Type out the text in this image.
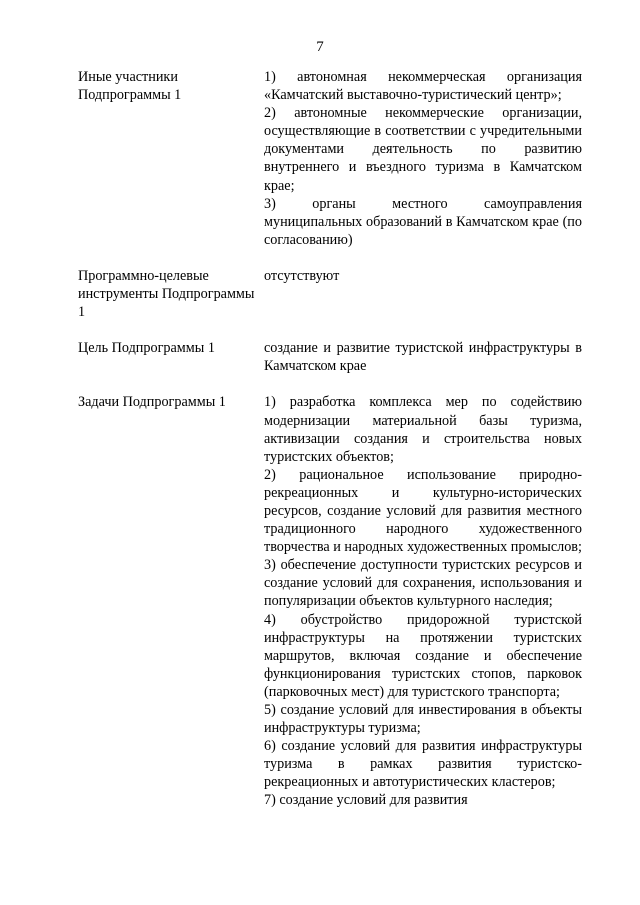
7
Иные участники Подпрограммы 1
1) автономная некоммерческая организация «Камчатский выставочно-туристический центр»;
2) автономные некоммерческие организации, осуществляющие в соответствии с учредительными документами деятельность по развитию внутреннего и въездного туризма в Камчатском крае;
3) органы местного самоуправления муниципальных образований в Камчатском крае (по согласованию)
Программно-целевые инструменты Подпрограммы 1
отсутствуют
Цель Подпрограммы 1	создание и развитие туристской инфраструктуры в Камчатском крае
Задачи Подпрограммы 1	1) разработка комплекса мер по содействию модернизации материальной базы туризма, активизации создания и строительства новых туристских объектов;
2) рациональное использование природно-рекреационных и культурно-исторических ресурсов, создание условий для развития местного традиционного народного художественного творчества и народных художественных промыслов;
3) обеспечение доступности туристских ресурсов и создание условий для сохранения, использования и популяризации объектов культурного наследия;
4) обустройство придорожной туристской инфраструктуры на протяжении туристских маршрутов, включая создание и обеспечение функционирования туристских стопов, парковок (парковочных мест) для туристского транспорта;
5) создание условий для инвестирования в объекты инфраструктуры туризма;
6) создание условий для развития инфраструктуры туризма в рамках развития туристско-рекреационных и автотуристических кластеров;
7) создание условий для развития
